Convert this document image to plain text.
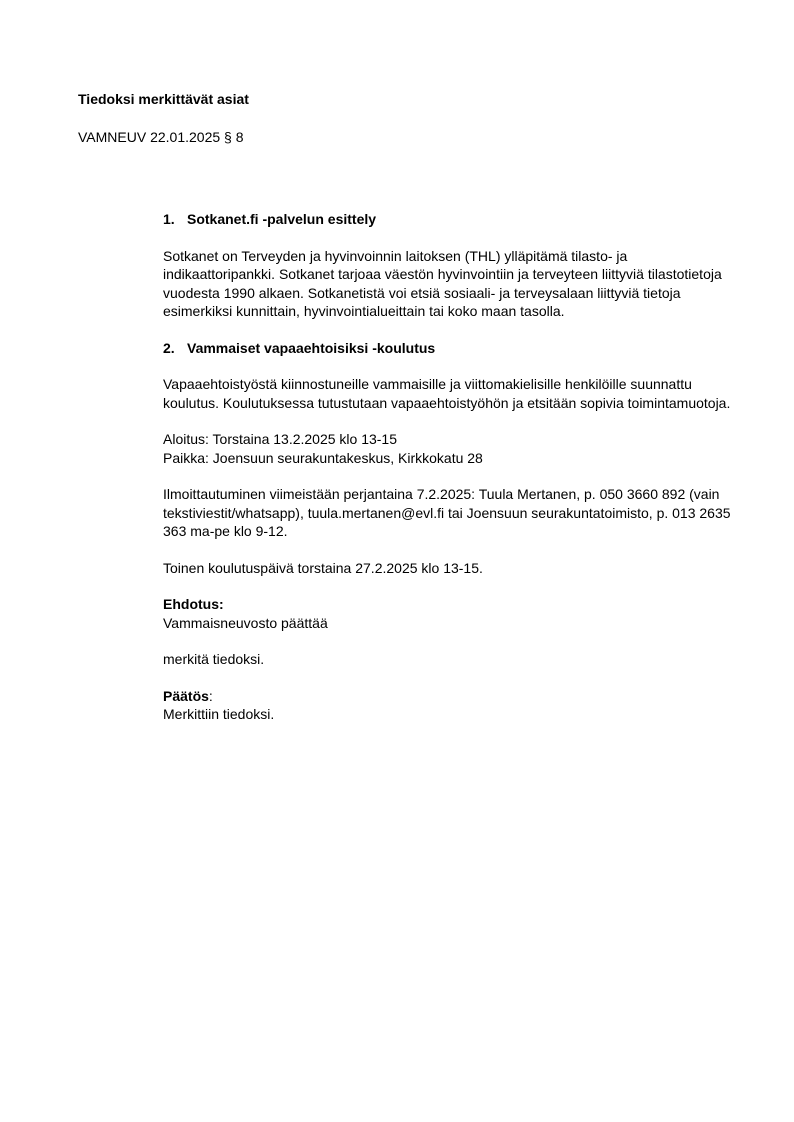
Tiedoksi merkittävät asiat
VAMNEUV 22.01.2025 § 8
1. Sotkanet.fi -palvelun esittely

Sotkanet on Terveyden ja hyvinvoinnin laitoksen (THL) ylläpitämä tilasto- ja indikaattoripankki. Sotkanet tarjoaa väestön hyvinvointiin ja terveyteen liittyviä tilastotietoja vuodesta 1990 alkaen. Sotkanetistä voi etsiä sosiaali- ja terveysalaan liittyviä tietoja esimerkiksi kunnittain, hyvinvointialueittain tai koko maan tasolla.

2. Vammaiset vapaaehtoisiksi -koulutus

Vapaaehtoistyöstä kiinnostuneille vammaisille ja viittomakielisille henkilöille suunnattu koulutus. Koulutuksessa tutustutaan vapaaehtoistyöhön ja etsitään sopivia toimintamuotoja.

Aloitus: Torstaina 13.2.2025 klo 13-15

Paikka: Joensuun seurakuntakeskus, Kirkkokatu 28

Ilmoittautuminen viimeistään perjantaina 7.2.2025: Tuula Mertanen, p. 050 3660 892 (vain tekstiviestit/whatsapp), tuula.mertanen@evl.fi tai Joensuun seurakuntatoimisto, p. 013 2635 363 ma-pe klo 9-12.

Toinen koulutuspäivä torstaina 27.2.2025 klo 13-15.

Ehdotus:

Vammaisneuvosto päättää

merkitä tiedoksi.

Päätös:

Merkittiin tiedoksi.
